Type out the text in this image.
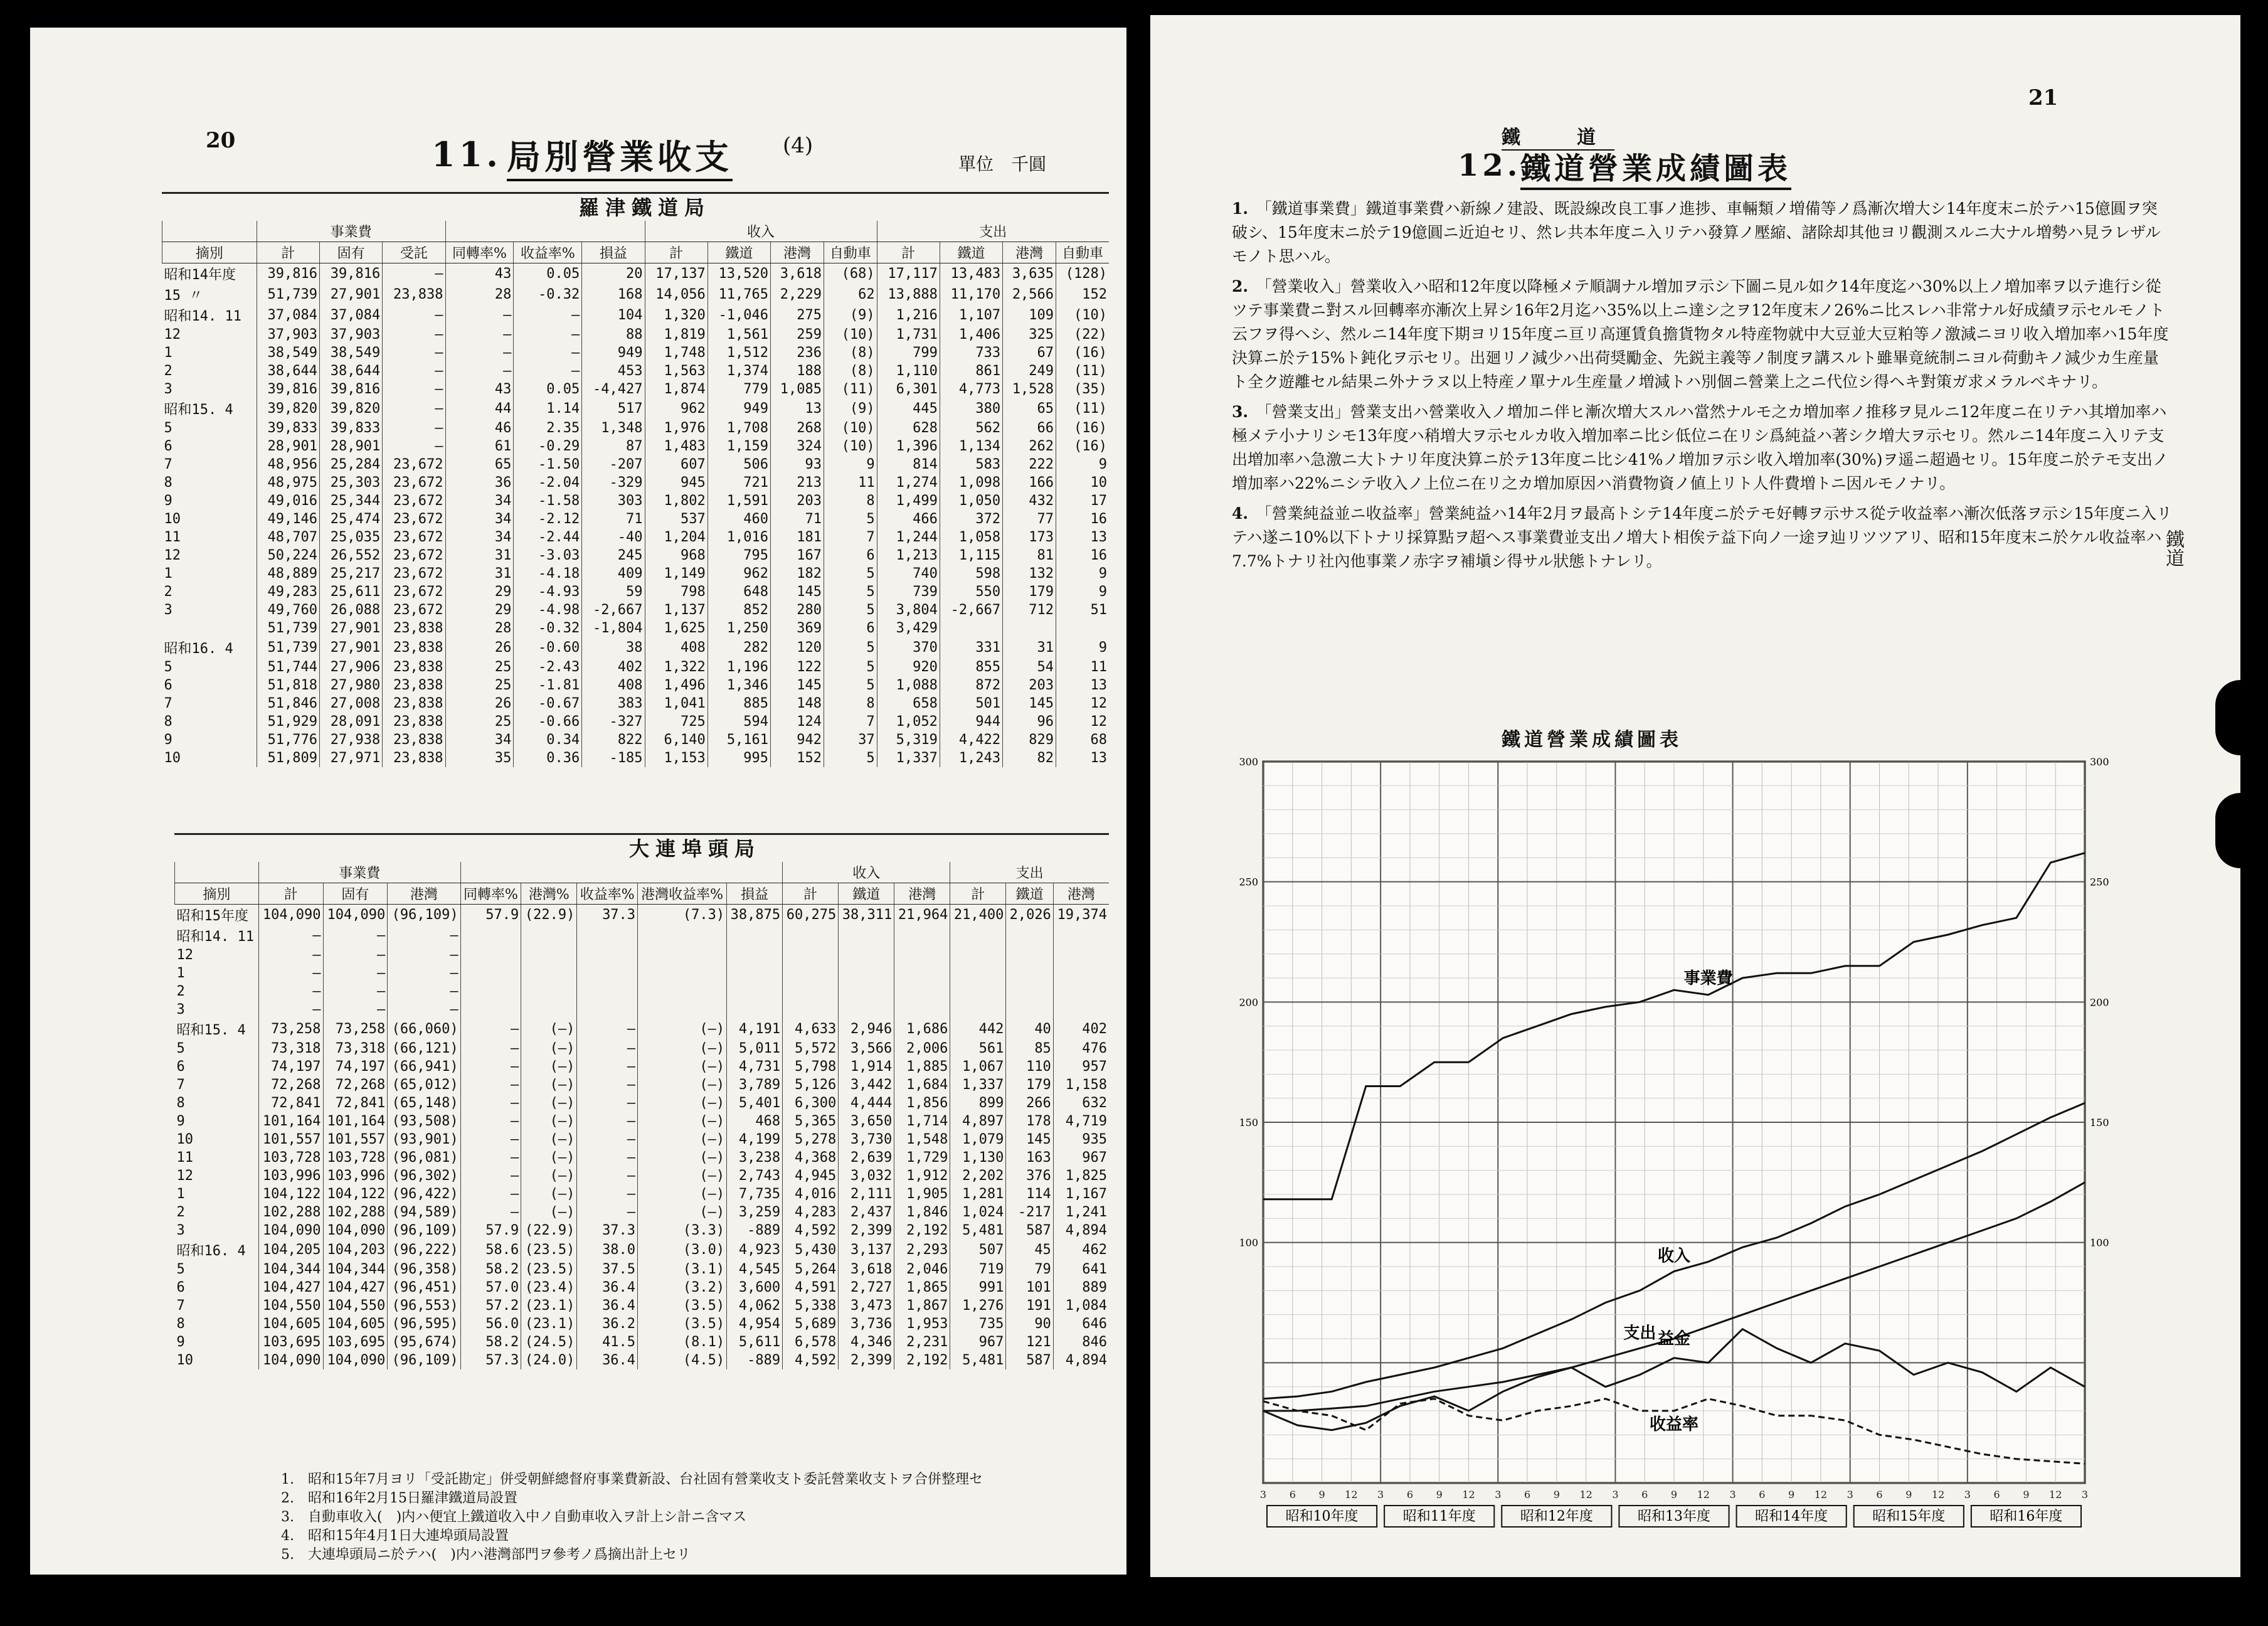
20	11. 局別營業收支 (4)
單位　千圓
羅津鐵道局
	事業費						收入				支出			
摘別	計	固有	受託	同轉率%	收益率%	損益	計	鐵道	港灣	自動車	計	鐵道	港灣	自動車
昭和14年度	39,816	39,816	—	43	0.05	20	17,137	13,520	3,618	(68)	17,117	13,483	3,635	(128)
15 〃	51,739	27,901	23,838	28	-0.32	168	14,056	11,765	2,229	62	13,888	11,170	2,566	152
昭和14. 11	37,084	37,084	—	—	—	104	1,320	-1,046	275	(9)	1,216	1,107	109	(10)
12	37,903	37,903	—	—	—	88	1,819	1,561	259	(10)	1,731	1,406	325	(22)
1	38,549	38,549	—	—	—	949	1,748	1,512	236	(8)	799	733	67	(16)
2	38,644	38,644	—	—	—	453	1,563	1,374	188	(8)	1,110	861	249	(11)
3	39,816	39,816	—	43	0.05	-4,427	1,874	779	1,085	(11)	6,301	4,773	1,528	(35)
昭和15. 4	39,820	39,820	—	44	1.14	517	962	949	13	(9)	445	380	65	(11)
5	39,833	39,833	—	46	2.35	1,348	1,976	1,708	268	(10)	628	562	66	(16)
6	28,901	28,901	—	61	-0.29	87	1,483	1,159	324	(10)	1,396	1,134	262	(16)
7	48,956	25,284	23,672	65	-1.50	-207	607	506	93	9	814	583	222	9
8	48,975	25,303	23,672	36	-2.04	-329	945	721	213	11	1,274	1,098	166	10
9	49,016	25,344	23,672	34	-1.58	303	1,802	1,591	203	8	1,499	1,050	432	17
10	49,146	25,474	23,672	34	-2.12	71	537	460	71	5	466	372	77	16
11	48,707	25,035	23,672	34	-2.44	-40	1,204	1,016	181	7	1,244	1,058	173	13
12	50,224	26,552	23,672	31	-3.03	245	968	795	167	6	1,213	1,115	81	16
1	48,889	25,217	23,672	31	-4.18	409	1,149	962	182	5	740	598	132	9
2	49,283	25,611	23,672	29	-4.93	59	798	648	145	5	739	550	179	9
3	49,760	26,088	23,672	29	-4.98	-2,667	1,137	852	280	5	3,804	-2,667	712	51
	51,739	27,901	23,838	28	-0.32	-1,804	1,625	1,250	369	6	3,429			
昭和16. 4	51,739	27,901	23,838	26	-0.60	38	408	282	120	5	370	331	31	9
5	51,744	27,906	23,838	25	-2.43	402	1,322	1,196	122	5	920	855	54	11
6	51,818	27,980	23,838	25	-1.81	408	1,496	1,346	145	5	1,088	872	203	13
7	51,846	27,008	23,838	26	-0.67	383	1,041	885	148	8	658	501	145	12
8	51,929	28,091	23,838	25	-0.66	-327	725	594	124	7	1,052	944	96	12
9	51,776	27,938	23,838	34	0.34	822	6,140	5,161	942	37	5,319	4,422	829	68
10	51,809	27,971	23,838	35	0.36	-185	1,153	995	152	5	1,337	1,243	82	13
大連埠頭局
	事業費								收入			支出		
摘別	計	固有	港灣	同轉率%	港灣%	收益率%	港灣收益率%	損益	計	鐵道	港灣	計	鐵道	港灣
昭和15年度	104,090	104,090	(96,109)	57.9	(22.9)	37.3	(7.3)	38,875	60,275	38,311	21,964	21,400	2,026	19,374
昭和14. 11	—	—	—											
12	—	—	—											
1	—	—	—											
2	—	—	—											
3	—	—	—											
昭和15. 4	73,258	73,258	(66,060)	—	(—)	—	(—)	4,191	4,633	2,946	1,686	442	40	402
5	73,318	73,318	(66,121)	—	(—)	—	(—)	5,011	5,572	3,566	2,006	561	85	476
6	74,197	74,197	(66,941)	—	(—)	—	(—)	4,731	5,798	1,914	1,885	1,067	110	957
7	72,268	72,268	(65,012)	—	(—)	—	(—)	3,789	5,126	3,442	1,684	1,337	179	1,158
8	72,841	72,841	(65,148)	—	(—)	—	(—)	5,401	6,300	4,444	1,856	899	266	632
9	101,164	101,164	(93,508)	—	(—)	—	(—)	468	5,365	3,650	1,714	4,897	178	4,719
10	101,557	101,557	(93,901)	—	(—)	—	(—)	4,199	5,278	3,730	1,548	1,079	145	935
11	103,728	103,728	(96,081)	—	(—)	—	(—)	3,238	4,368	2,639	1,729	1,130	163	967
12	103,996	103,996	(96,302)	—	(—)	—	(—)	2,743	4,945	3,032	1,912	2,202	376	1,825
1	104,122	104,122	(96,422)	—	(—)	—	(—)	7,735	4,016	2,111	1,905	1,281	114	1,167
2	102,288	102,288	(94,589)	—	(—)	—	(—)	3,259	4,283	2,437	1,846	1,024	-217	1,241
3	104,090	104,090	(96,109)	57.9	(22.9)	37.3	(3.3)	-889	4,592	2,399	2,192	5,481	587	4,894
昭和16. 4	104,205	104,203	(96,222)	58.6	(23.5)	38.0	(3.0)	4,923	5,430	3,137	2,293	507	45	462
5	104,344	104,344	(96,358)	58.2	(23.5)	37.5	(3.1)	4,545	5,264	3,618	2,046	719	79	641
6	104,427	104,427	(96,451)	57.0	(23.4)	36.4	(3.2)	3,600	4,591	2,727	1,865	991	101	889
7	104,550	104,550	(96,553)	57.2	(23.1)	36.4	(3.5)	4,062	5,338	3,473	1,867	1,276	191	1,084
8	104,605	104,605	(96,595)	56.0	(23.1)	36.2	(3.5)	4,954	5,689	3,736	1,953	735	90	646
9	103,695	103,695	(95,674)	58.2	(24.5)	41.5	(8.1)	5,611	6,578	4,346	2,231	967	121	846
10	104,090	104,090	(96,109)	57.3	(24.0)	36.4	(4.5)	-889	4,592	2,399	2,192	5,481	587	4,894
1.　昭和15年7月ヨリ「受託勘定」併受朝鮮總督府事業費新設、台社固有營業收支ト委託營業收支トヲ合併整理セ
2.　昭和16年2月15日羅津鐵道局設置
3.　自動車收入(　)内ハ便宜上鐵道收入中ノ自動車收入ヲ計上シ計ニ含マス
4.　昭和15年4月1日大連埠頭局設置
5.　大連埠頭局ニ於テハ(　)内ハ港灣部門ヲ參考ノ爲摘出計上セリ
21
鐵　道
鐵道
12.
鐵道營業成績圖表

1.　 「鐵道事業費」鐵道事業費ハ新線ノ建設、既設線改良工事ノ進捗、車輛類ノ増備等ノ爲漸次増大シ14年度末ニ於テハ15億圓ヲ突破シ、15年度末ニ於テ19億圓ニ近迫セリ、然レ共本年度ニ入リテハ發算ノ壓縮、諸除却其他ヨリ觀測スルニ大ナル増勢ハ見ラレザルモノト思ハル。

2.　 「營業收入」營業收入ハ昭和12年度以降極メテ順調ナル増加ヲ示シ下圖ニ見ル如ク14年度迄ハ30%以上ノ増加率ヲ以テ進行シ從ツテ事業費ニ對スル回轉率亦漸次上昇シ16年2月迄ハ35%以上ニ達シ之ヲ12年度末ノ26%ニ比スレハ非常ナル好成績ヲ示セルモノト云フヲ得ヘシ、然ルニ14年度下期ヨリ15年度ニ亘リ高運賃負擔貨物タル特産物就中大豆並大豆粕等ノ激減ニヨリ收入増加率ハ15年度決算ニ於テ15%ト鈍化ヲ示セリ。出廻リノ減少ハ出荷奨勵金、先鋭主義等ノ制度ヲ講スルト雖畢竟統制ニヨル荷動キノ減少カ生産量ト全ク遊離セル結果ニ外ナラヌ以上特産ノ單ナル生産量ノ増減トハ別個ニ營業上之ニ代位シ得ヘキ對策ガ求メラルベキナリ。

3.　 「營業支出」營業支出ハ營業收入ノ増加ニ伴ヒ漸次増大スルハ當然ナルモ之カ増加率ノ推移ヲ見ルニ12年度ニ在リテハ其増加率ハ極メテ小ナリシモ13年度ハ稍増大ヲ示セルカ收入増加率ニ比シ低位ニ在リシ爲純益ハ著シク増大ヲ示セリ。然ルニ14年度ニ入リテ支出増加率ハ急激ニ大トナリ年度決算ニ於テ13年度ニ比シ41%ノ増加ヲ示シ收入増加率(30%)ヲ遥ニ超過セリ。15年度ニ於テモ支出ノ増加率ハ22%ニシテ收入ノ上位ニ在リ之カ増加原因ハ消費物資ノ値上リト人件費増トニ因ルモノナリ。

4.　 「營業純益並ニ收益率」營業純益ハ14年2月ヲ最高トシテ14年度ニ於テモ好轉ヲ示サス從テ收益率ハ漸次低落ヲ示シ15年度ニ入リテハ遂ニ10%以下トナリ採算點ヲ超ヘス事業費並支出ノ増大ト相俟テ益下向ノ一途ヲ辿リツツアリ、昭和15年度末ニ於ケル收益率ハ7.7%トナリ社內他事業ノ赤字ヲ補塡シ得サル狀態トナレリ。

鐵道營業成績圖表
3 6 9 12 3 6 9 12 3 6 9 12 3 6 9 12 3 6 9 12 3 6 9 12 3 6 9 12 3
100
150
200
250
300
100
150
200
250
300
昭和10年度	昭和11年度	昭和12年度	昭和13年度	昭和14年度	昭和15年度	昭和16年度
事業費
收入
支出 益金
收益率
